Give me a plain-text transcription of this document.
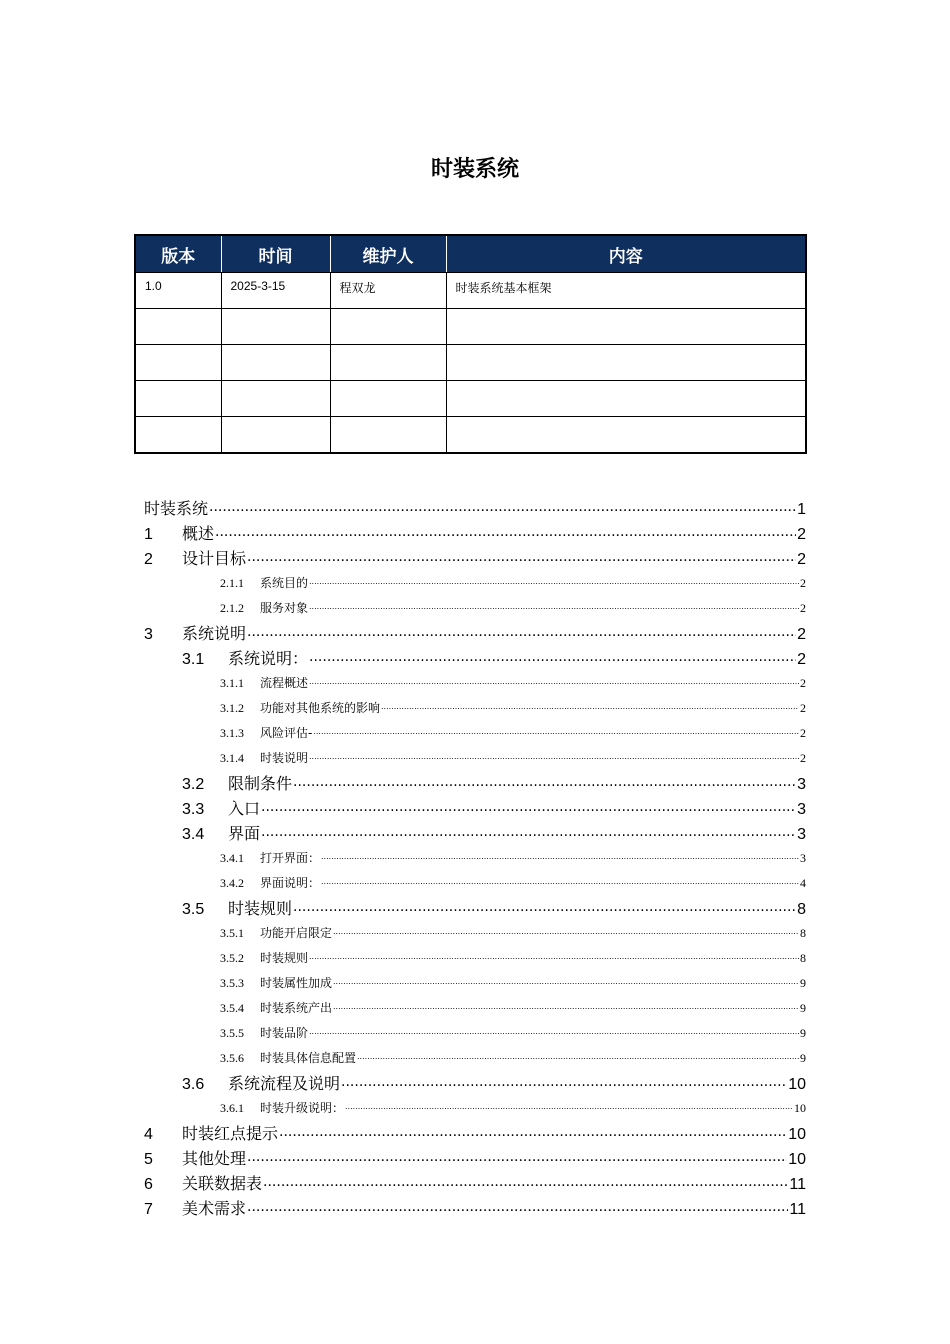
时装系统
版本	时间	维护人	内容
1.0	2025-3-15	程双龙	时装系统基本框架

时装系统 .....	1
1	概述 .....	2
2	设计目标 .....	2
2.1.1	系统目的 .....	2
2.1.2	服务对象 .....	2
3	系统说明 .....	2
3.1	系统说明： .....	2
3.1.1	流程概述 .....	2
3.1.2	功能对其他系统的影响 .....	2
3.1.3	风险评估- .....	2
3.1.4	时装说明 .....	2
3.2	限制条件 .....	3
3.3	入口 .....	3
3.4	界面 .....	3
3.4.1	打开界面： .....	3
3.4.2	界面说明： .....	4
3.5	时装规则 .....	8
3.5.1	功能开启限定 .....	8
3.5.2	时装规则 .....	8
3.5.3	时装属性加成 .....	9
3.5.4	时装系统产出 .....	9
3.5.5	时装品阶 .....	9
3.5.6	时装具体信息配置 .....	9
3.6	系统流程及说明 .....	10
3.6.1	时装升级说明： .....	10
4	时装红点提示 .....	10
5	其他处理 .....	10
6	关联数据表 .....	11
7	美术需求 .....	11
